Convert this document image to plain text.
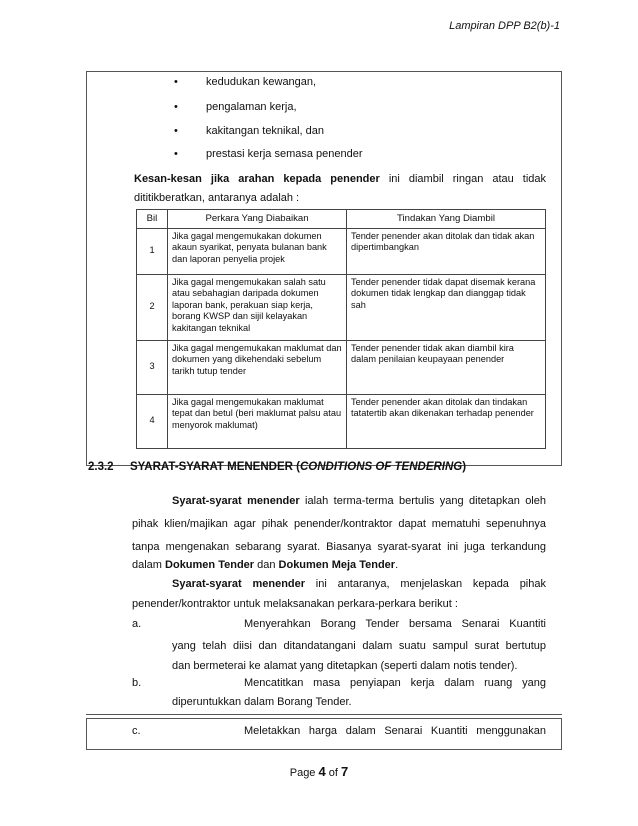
Lampiran DPP B2(b)-1
•	kedudukan kewangan,
•	pengalaman kerja,
•	kakitangan teknikal, dan
•	prestasi kerja semasa penender
Kesan-kesan jika arahan kepada penender ini diambil ringan atau tidak
dititikberatkan, antaranya adalah :
Bil	Perkara Yang Diabaikan	Tindakan Yang Diambil
1	Jika gagal mengemukakan dokumen akaun syarikat, penyata bulanan bank dan laporan penyelia projek	Tender penender akan ditolak dan tidak akan dipertimbangkan
2	Jika gagal mengemukakan salah satu atau sebahagian daripada dokumen laporan bank, perakuan siap kerja, borang KWSP dan sijil kelayakan kakitangan teknikal	Tender penender tidak dapat disemak kerana dokumen tidak lengkap dan dianggap tidak sah
3	Jika gagal mengemukakan maklumat dan dokumen yang dikehendaki sebelum tarikh tutup tender	Tender penender tidak akan diambil kira dalam penilaian keupayaan penender
4	Jika gagal mengemukakan maklumat tepat dan betul (beri maklumat palsu atau menyorok maklumat)	Tender penender akan ditolak dan tindakan tatatertib akan dikenakan terhadap penender
2.3.2 SYARAT-SYARAT MENENDER (CONDITIONS OF TENDERING)
Syarat-syarat menender ialah terma-terma bertulis yang ditetapkan oleh
pihak klien/majikan agar pihak penender/kontraktor dapat mematuhi sepenuhnya
tanpa mengenakan sebarang syarat. Biasanya syarat-syarat ini juga terkandung
dalam Dokumen Tender dan Dokumen Meja Tender.
Syarat-syarat menender ini antaranya, menjelaskan kepada pihak
penender/kontraktor untuk melaksanakan perkara-perkara berikut :
a.	Menyerahkan Borang Tender bersama Senarai Kuantiti
yang telah diisi dan ditandatangani dalam suatu sampul surat bertutup
dan bermeterai ke alamat yang ditetapkan (seperti dalam notis tender).
b.	Mencatitkan masa penyiapan kerja dalam ruang yang
diperuntukkan dalam Borang Tender.
c.	Meletakkan harga dalam Senarai Kuantiti menggunakan
Page 4 of 7
